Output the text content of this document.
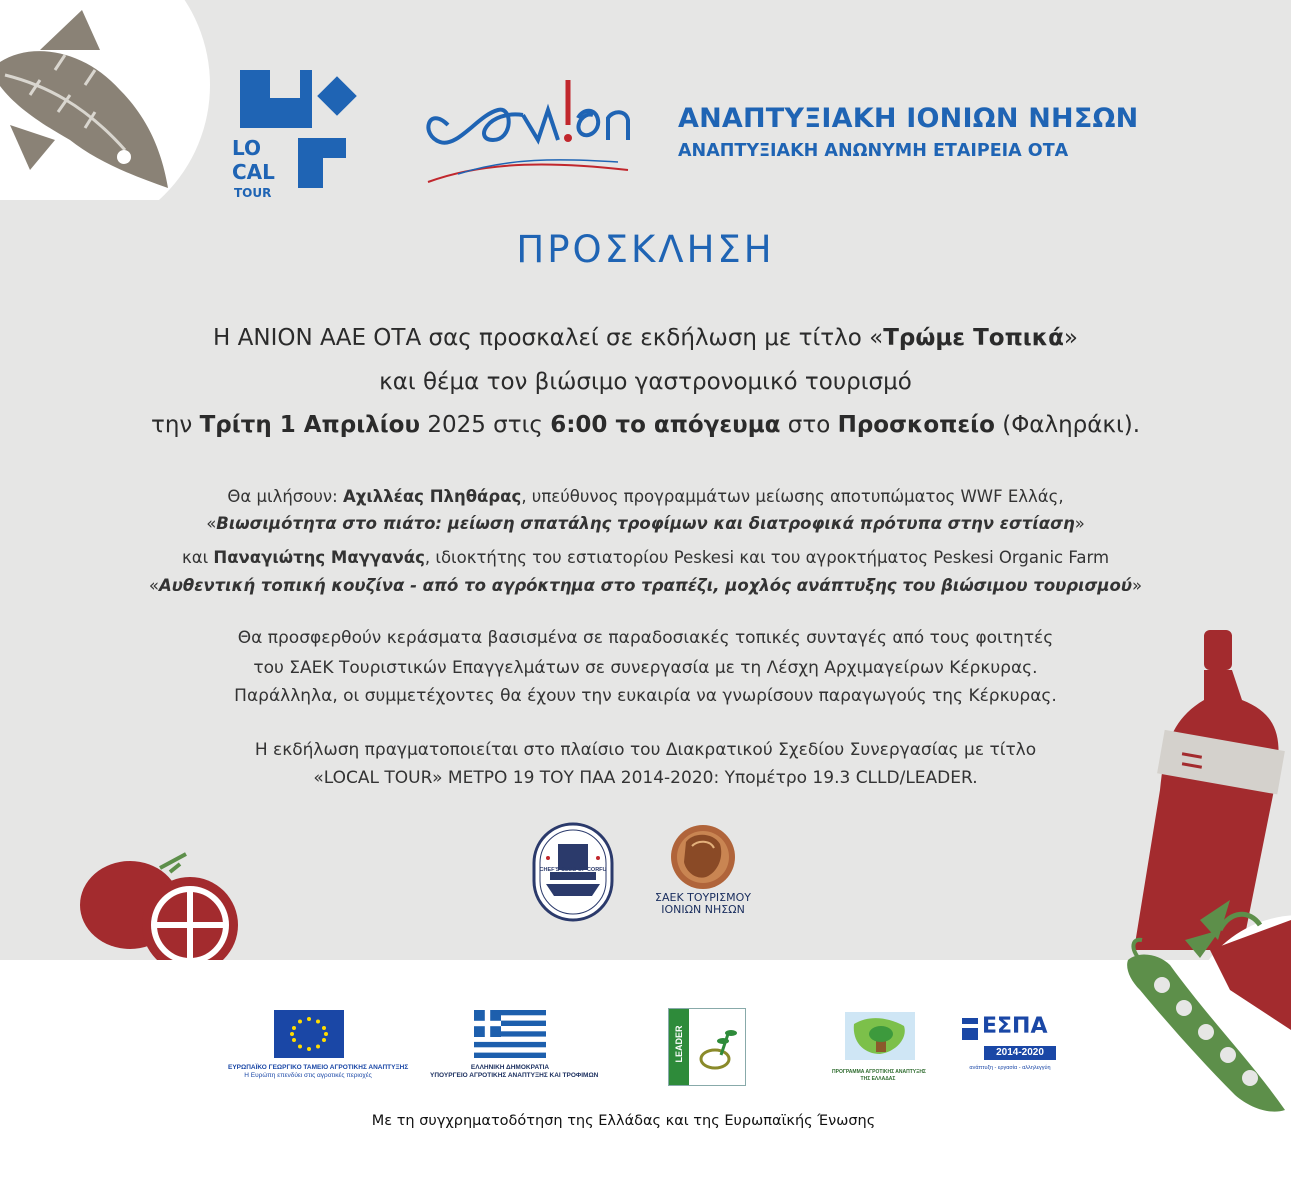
LO
CAL
TOUR
ΑΝΑΠΤΥΞΙΑΚΗ ΙΟΝΙΩΝ ΝΗΣΩΝ
ΑΝΑΠΤΥΞΙΑΚΗ ΑΝΩΝΥΜΗ ΕΤΑΙΡΕΙΑ ΟΤΑ
ΠΡΟΣΚΛΗΣΗ
Η ΑΝΙΟΝ ΑΑΕ ΟΤΑ σας προσκαλεί σε εκδήλωση με τίτλο «Τρώμε Τοπικά»
και θέμα τον βιώσιμο γαστρονομικό τουρισμό
την Τρίτη 1 Απριλίου 2025 στις 6:00 το απόγευμα στο Προσκοπείο (Φαληράκι).
Θα μιλήσουν: Αχιλλέας Πληθάρας, υπεύθυνος προγραμμάτων μείωσης αποτυπώματος WWF Ελλάς,
«Βιωσιμότητα στο πιάτο: μείωση σπατάλης τροφίμων και διατροφικά πρότυπα στην εστίαση»
και Παναγιώτης Μαγγανάς, ιδιοκτήτης του εστιατορίου Peskesi και του αγροκτήματος Peskesi Organic Farm
«Αυθεντική τοπική κουζίνα - από το αγρόκτημα στο τραπέζι, μοχλός ανάπτυξης του βιώσιμου τουρισμού»
Θα προσφερθούν κεράσματα βασισμένα σε παραδοσιακές τοπικές συνταγές από τους φοιτητές
του ΣΑΕΚ Τουριστικών Επαγγελμάτων σε συνεργασία με τη Λέσχη Αρχιμαγείρων Κέρκυρας.
Παράλληλα, οι συμμετέχοντες θα έχουν την ευκαιρία να γνωρίσουν παραγωγούς της Κέρκυρας.
Η εκδήλωση πραγματοποιείται στο πλαίσιο του Διακρατικού Σχεδίου Συνεργασίας με τίτλο
«LOCAL TOUR» ΜΕΤΡΟ 19 ΤΟΥ ΠΑΑ 2014-2020: Υπομέτρο 19.3 CLLD/LEADER.
CHEF'S CLUB OF CORFU
ΣΑΕΚ ΤΟΥΡΙΣΜΟΥ
ΙΟΝΙΩΝ ΝΗΣΩΝ
ΕΥΡΩΠΑΪΚΟ ΓΕΩΡΓΙΚΟ ΤΑΜΕΙΟ ΑΓΡΟΤΙΚΗΣ ΑΝΑΠΤΥΞΗΣ
Η Ευρώπη επενδύει στις αγροτικές περιοχές
ΕΛΛΗΝΙΚΗ ΔΗΜΟΚΡΑΤΙΑ
ΥΠΟΥΡΓΕΙΟ ΑΓΡΟΤΙΚΗΣ ΑΝΑΠΤΥΞΗΣ ΚΑΙ ΤΡΟΦΙΜΩΝ
LEADER
ΠΡΟΓΡΑΜΜΑ ΑΓΡΟΤΙΚΗΣ ΑΝΑΠΤΥΞΗΣ
ΤΗΣ ΕΛΛΑΔΑΣ
ΕΣΠΑ
2014-2020
ανάπτυξη - εργασία - αλληλεγγύη
Με τη συγχρηματοδότηση της Ελλάδας και της Ευρωπαϊκής Ένωσης
